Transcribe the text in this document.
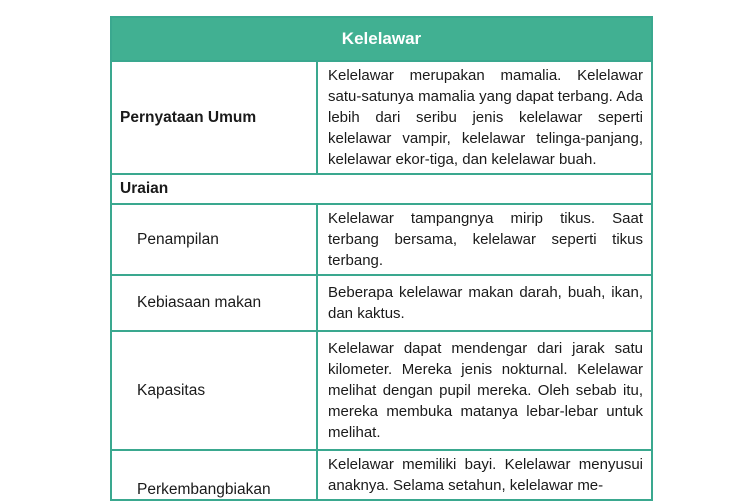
Kelelawar
Pernyataan Umum
Kelelawar merupakan mamalia. Kelelawar satu-satunya mamalia yang dapat terbang. Ada lebih dari seribu jenis kelelawar seperti kelelawar vampir, kelelawar telinga-panjang, kelelawar ekor-tiga, dan kelelawar buah.
Uraian
Penampilan
Kelelawar tampangnya mirip tikus. Saat terbang bersama, kelelawar seperti tikus terbang.
Kebiasaan makan
Beberapa kelelawar makan darah, buah, ikan, dan kaktus.
Kapasitas
Kelelawar dapat mendengar dari jarak satu kilometer. Mereka jenis nokturnal. Kelelawar melihat dengan pupil mereka. Oleh sebab itu, mereka membuka matanya lebar-lebar untuk melihat.
Perkembangbiakan
Kelelawar memiliki bayi. Kelelawar menyusui anaknya. Selama setahun, kelelawar me-
